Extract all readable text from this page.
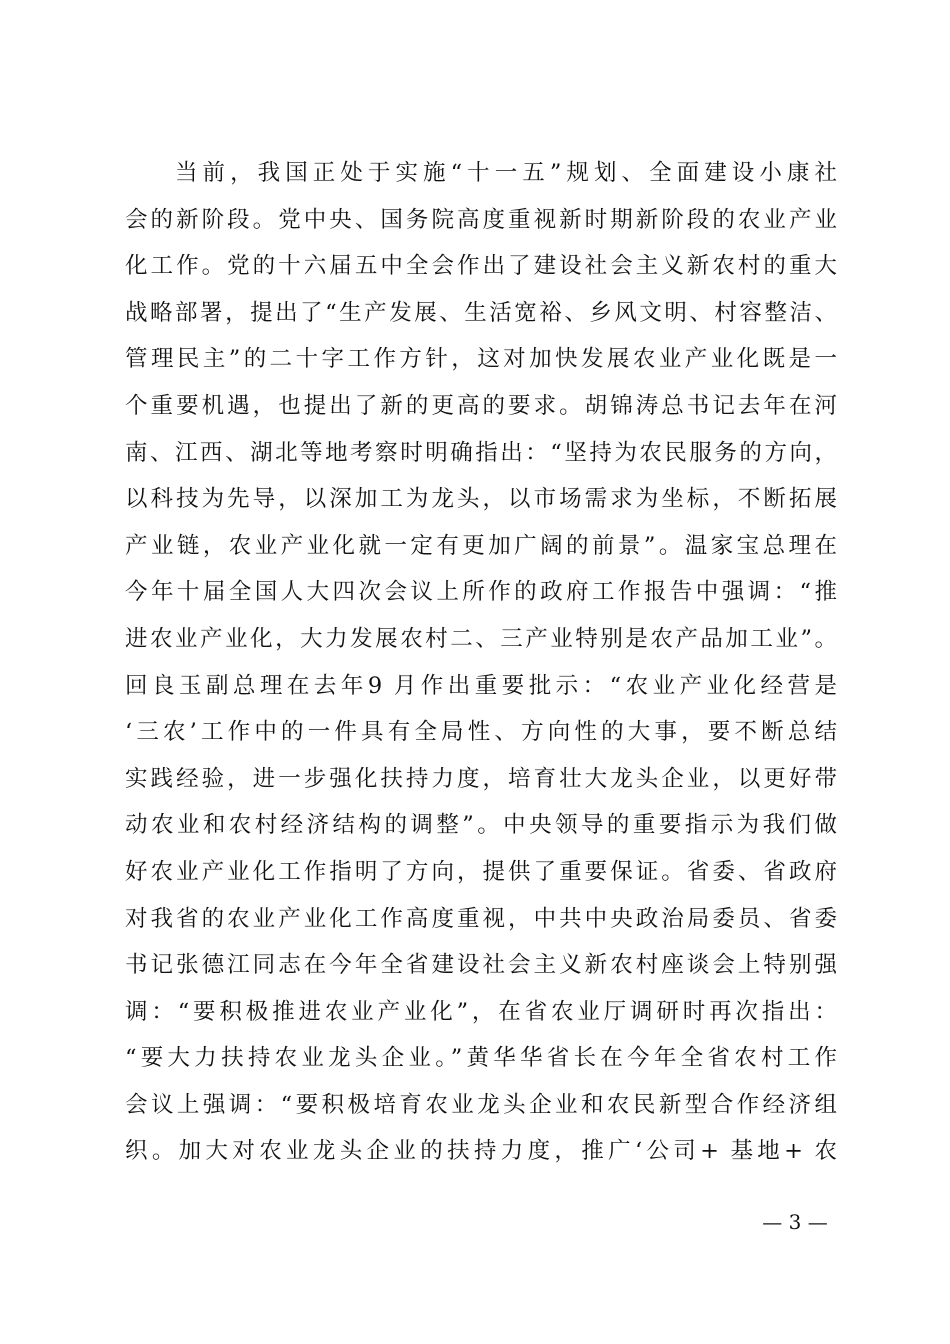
当前，我国正处于实施“十一五”规划、全面建设小康社
会的新阶段。党中央、国务院高度重视新时期新阶段的农业产业
化工作。党的十六届五中全会作出了建设社会主义新农村的重大
战略部署，提出了“生产发展、生活宽裕、乡风文明、村容整洁、
管理民主”的二十字工作方针，这对加快发展农业产业化既是一
个重要机遇，也提出了新的更高的要求。胡锦涛总书记去年在河
南、江西、湖北等地考察时明确指出：“坚持为农民服务的方向，
以科技为先导，以深加工为龙头，以市场需求为坐标，不断拓展
产业链，农业产业化就一定有更加广阔的前景”。温家宝总理在
今年十届全国人大四次会议上所作的政府工作报告中强调：“推
进农业产业化，大力发展农村二、三产业特别是农产品加工业”。
回良玉副总理在去年9 月作出重要批示：“农业产业化经营是
‘三农’工作中的一件具有全局性、方向性的大事，要不断总结
实践经验，进一步强化扶持力度，培育壮大龙头企业，以更好带
动农业和农村经济结构的调整”。中央领导的重要指示为我们做
好农业产业化工作指明了方向，提供了重要保证。省委、省政府
对我省的农业产业化工作高度重视，中共中央政治局委员、省委
书记张德江同志在今年全省建设社会主义新农村座谈会上特别强
调：“要积极推进农业产业化”，在省农业厅调研时再次指出：
“要大力扶持农业龙头企业。”黄华华省长在今年全省农村工作
会议上强调：“要积极培育农业龙头企业和农民新型合作经济组
织。加大对农业龙头企业的扶持力度，推广‘公司+ 基地+ 农
— 3 —
